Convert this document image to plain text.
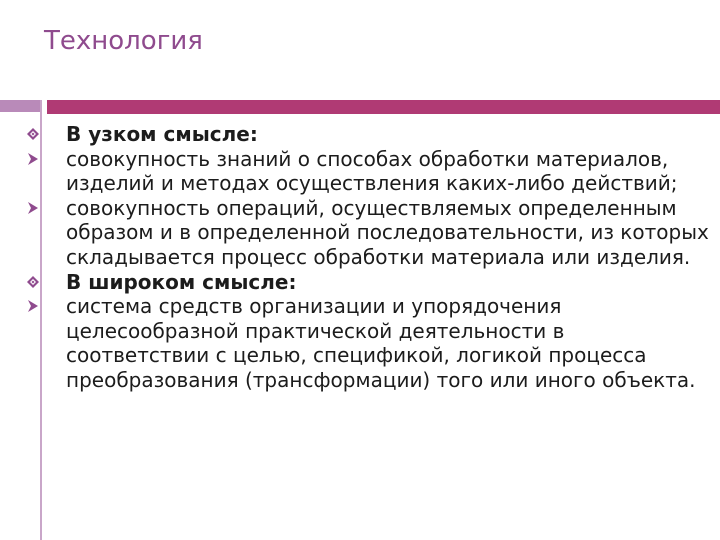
Технология

В узком смысле:

совокупность знаний о способах обработки материалов, изделий и методах осуществления каких-либо действий;

совокупность операций, осуществляемых определенным образом и в определенной последовательности, из которых складывается процесс обработки материала или изделия.

В широком смысле:

система средств организации и упорядочения целесообразной практической деятельности в соответствии с целью, спецификой, логикой процесса преобразования (трансформации) того или иного объекта.
